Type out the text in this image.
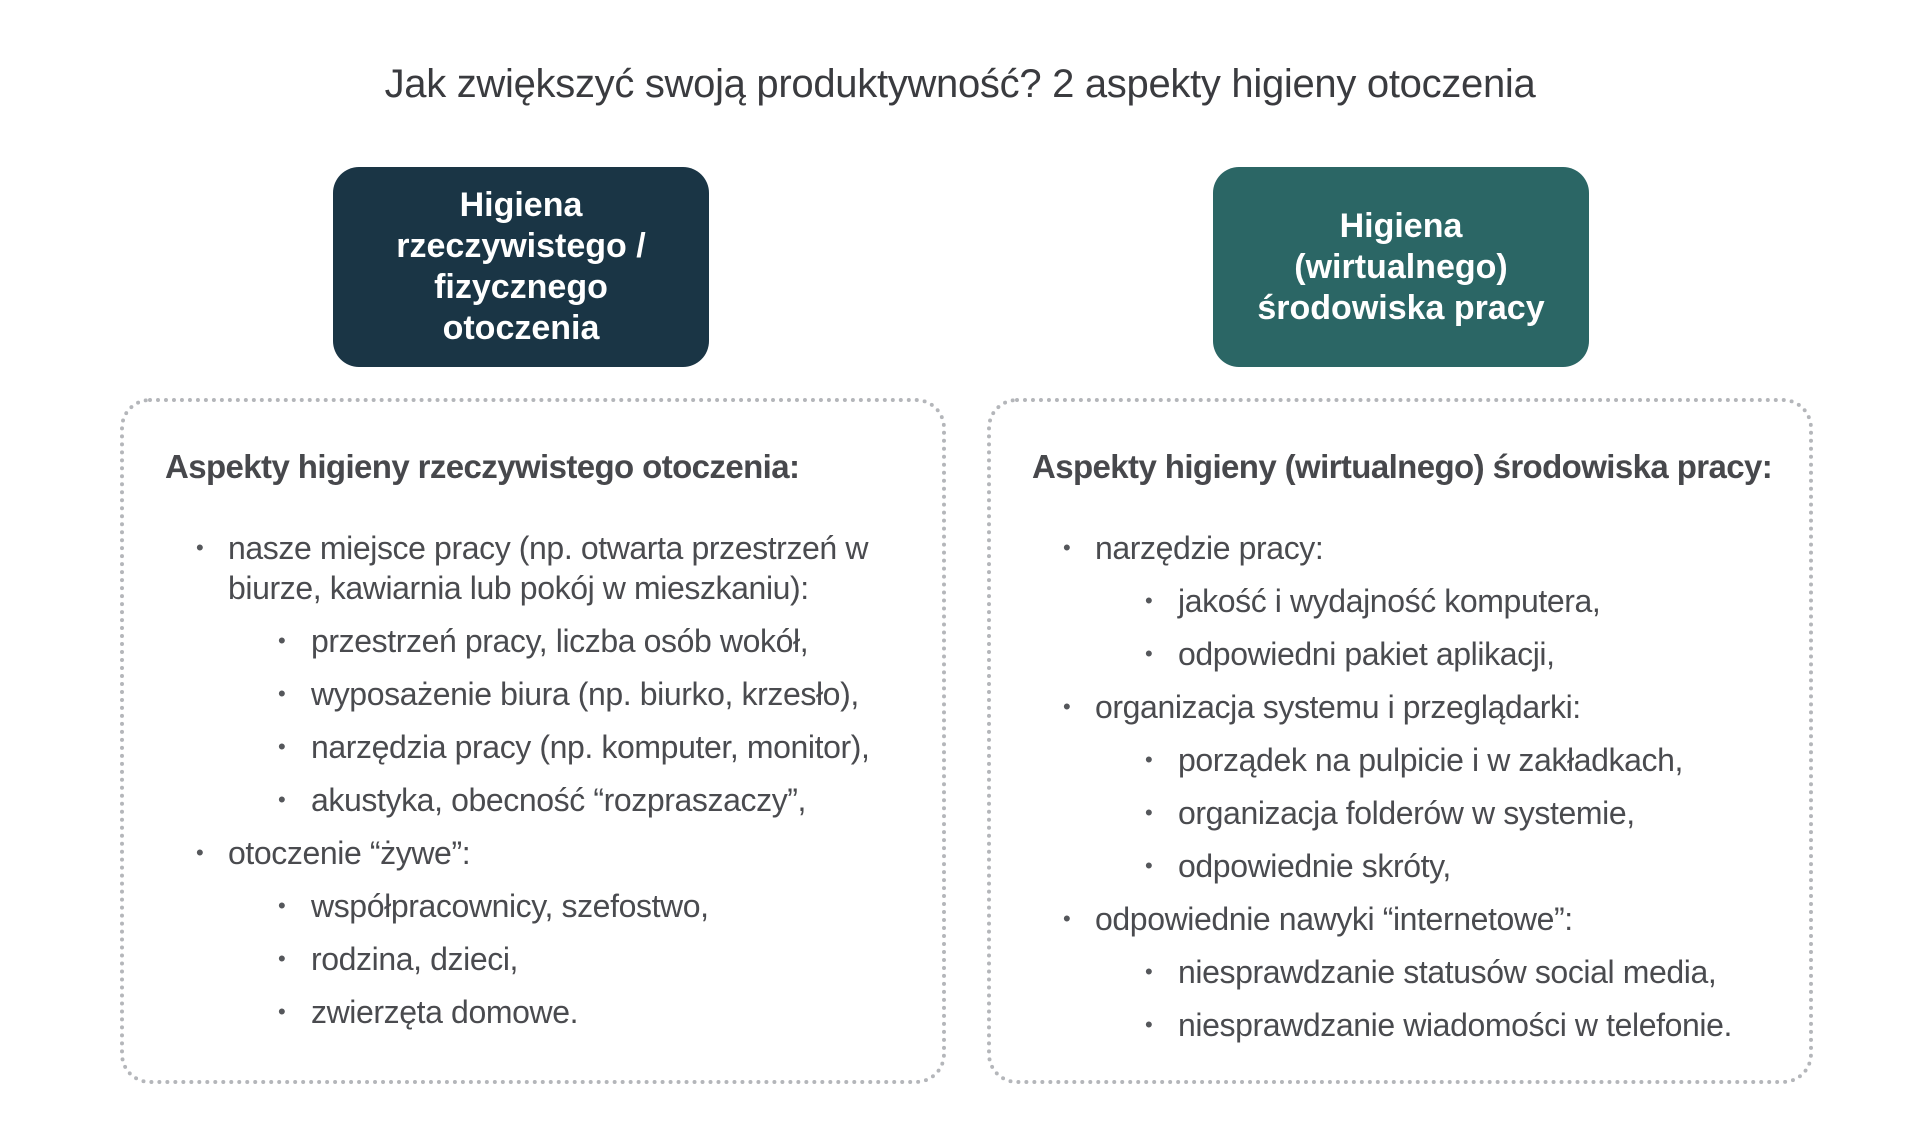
Jak zwiększyć swoją produktywność? 2 aspekty higieny otoczenia
Higiena
rzeczywistego /
fizycznego
otoczenia
Higiena
(wirtualnego)
środowiska pracy
Aspekty higieny rzeczywistego otoczenia:
• nasze miejsce pracy (np. otwarta przestrzeń w biurze, kawiarnia lub pokój w mieszkaniu):
• przestrzeń pracy, liczba osób wokół,
• wyposażenie biura (np. biurko, krzesło),
• narzędzia pracy (np. komputer, monitor),
• akustyka, obecność “rozpraszaczy”,
• otoczenie “żywe”:
• współpracownicy, szefostwo,
• rodzina, dzieci,
• zwierzęta domowe.
Aspekty higieny (wirtualnego) środowiska pracy:
• narzędzie pracy:
• jakość i wydajność komputera,
• odpowiedni pakiet aplikacji,
• organizacja systemu i przeglądarki:
• porządek na pulpicie i w zakładkach,
• organizacja folderów w systemie,
• odpowiednie skróty,
• odpowiednie nawyki “internetowe”:
• niesprawdzanie statusów social media,
• niesprawdzanie wiadomości w telefonie.
